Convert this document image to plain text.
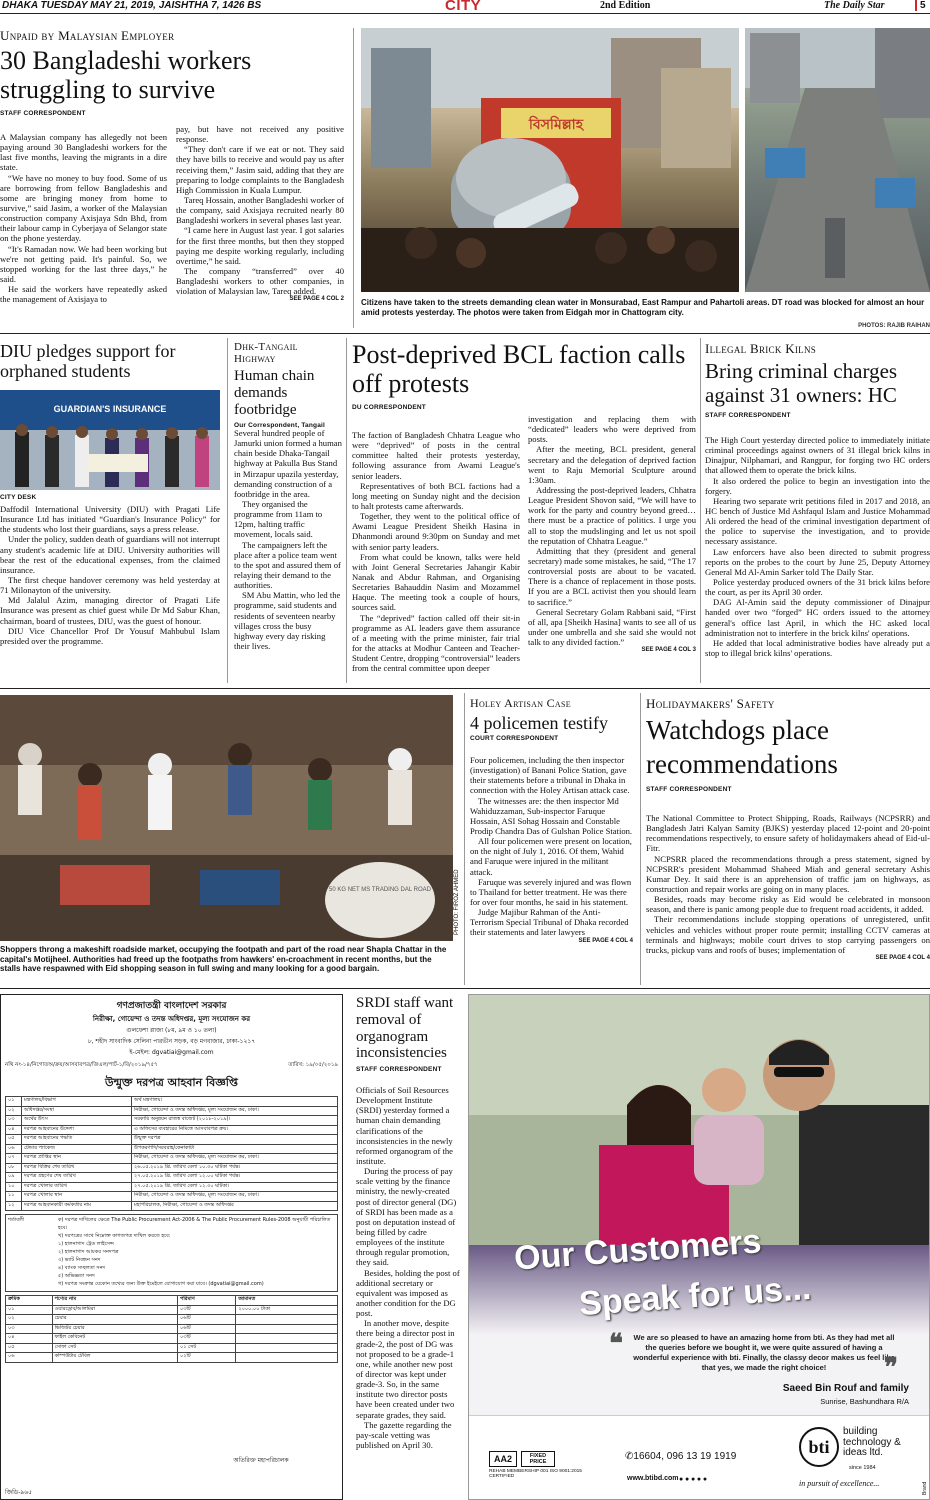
DHAKA TUESDAY MAY 21, 2019, JAISHTHA 7, 1426 BS	CITY	2nd Edition	The Daily Star	5
Unpaid by Malaysian Employer
30 Bangladeshi workers struggling to survive
STAFF CORRESPONDENT

A Malaysian company has allegedly not been paying around 30 Bangladeshi workers for the last five months, leaving the migrants in a dire state.

“We have no money to buy food. Some of us are borrowing from fellow Bangladeshis and some are bringing money from home to survive,” said Jasim, a worker of the Malaysian construction company Axisjaya Sdn Bhd, from their labour camp in Cyberjaya of Selangor state on the phone yesterday.

“It's Ramadan now. We had been working but we're not getting paid. It's painful. So, we stopped working for the last three days,” he said.

He said the workers have repeatedly asked the management of Axisjaya to

pay, but have not received any positive response.

“They don't care if we eat or not. They said they have bills to receive and would pay us after receiving them,” Jasim said, adding that they are preparing to lodge complaints to the Bangladesh High Commission in Kuala Lumpur.

Tareq Hossain, another Bangladeshi worker of the company, said Axisjaya recruited nearly 80 Bangladeshi workers in several phases last year.

“I came here in August last year. I got salaries for the first three months, but then they stopped paying me despite working regularly, including overtime,” he said.

The company “transferred” over 40 Bangladeshi workers to other companies, in violation of Malaysian law, Tareq added.

SEE PAGE 4 COL 2
বিসমিল্লাহ
Citizens have taken to the streets demanding clean water in Monsurabad, East Rampur and Pahartoli areas. DT road was blocked for almost an hour amid protests yesterday. The photos were taken from Eidgah mor in Chattogram city.
PHOTOS: RAJIB RAIHAN
DIU pledges support for orphaned students
GUARDIAN'S INSURANCE
CITY DESK

Daffodil International University (DIU) with Pragati Life Insurance Ltd has initiated “Guardian's Insurance Policy” for the students who lost their guardians, says a press release.

Under the policy, sudden death of guardians will not interrupt any student's academic life at DIU. University authorities will bear the rest of the educational expenses, from the claimed insurance.

The first cheque handover ceremony was held yesterday at 71 Milonayton of the university.

Md Jalalul Azim, managing director of Pragati Life Insurance was present as chief guest while Dr Md Sabur Khan, chairman, board of trustees, DIU, was the guest of honour.

DIU Vice Chancellor Prof Dr Yousuf Mahbubul Islam presided over the programme.

Dhk-Tangail Highway
Human chain demands footbridge
Our Correspondent, Tangail

Several hundred people of Jamurki union formed a human chain beside Dhaka-Tangail highway at Pakulla Bus Stand in Mirzapur upazila yesterday, demanding construction of a footbridge in the area.

They organised the programme from 11am to 12pm, halting traffic movement, locals said.

The campaigners left the place after a police team went to the spot and assured them of relaying their demand to the authorities.

SM Abu Mattin, who led the programme, said students and residents of seventeen nearby villages cross the busy highway every day risking their lives.

Post-deprived BCL faction calls off protests
DU CORRESPONDENT

The faction of Bangladesh Chhatra League who were “deprived” of posts in the central committee halted their protests yesterday, following assurance from Awami League's senior leaders.

Representatives of both BCL factions had a long meeting on Sunday night and the decision to halt protests came afterwards.

Together, they went to the political office of Awami League President Sheikh Hasina in Dhanmondi around 9:30pm on Sunday and met with senior party leaders.

From what could be known, talks were held with Joint General Secretaries Jahangir Kabir Nanak and Abdur Rahman, and Organising Secretaries Bahauddin Nasim and Mozammel Haque. The meeting took a couple of hours, sources said.

The “deprived” faction called off their sit-in programme as AL leaders gave them assurance of a meeting with the prime minister, fair trial for the attacks at Modhur Canteen and Teacher-Student Centre, dropping “controversial” leaders from the central committee upon deeper

investigation and replacing them with “dedicated” leaders who were deprived from posts.

After the meeting, BCL president, general secretary and the delegation of deprived faction went to Raju Memorial Sculpture around 1:30am.

Addressing the post-deprived leaders, Chhatra League President Shovon said, “We will have to work for the party and country beyond greed… there must be a practice of politics. I urge you all to stop the mudslinging and let us not spoil the reputation of Chhatra League.”

Admitting that they (president and general secretary) made some mistakes, he said, “The 17 controversial posts are about to be vacated. There is a chance of replacement in those posts. If you are a BCL activist then you should learn to sacrifice.”

General Secretary Golam Rabbani said, “First of all, apa [Sheikh Hasina] wants to see all of us under one umbrella and she said she would not talk to any divided faction.”

SEE PAGE 4 COL 3
Illegal Brick Kilns
Bring criminal charges against 31 owners: HC
STAFF CORRESPONDENT

The High Court yesterday directed police to immediately initiate criminal proceedings against owners of 31 illegal brick kilns in Dinajpur, Nilphamari, and Rangpur, for forging two HC orders that allowed them to operate the brick kilns.

It also ordered the police to begin an investigation into the forgery.

Hearing two separate writ petitions filed in 2017 and 2018, an HC bench of Justice Md Ashfaqul Islam and Justice Mohammad Ali ordered the head of the criminal investigation department of the police to supervise the investigation, and to provide necessary assistance.

Law enforcers have also been directed to submit progress reports on the probes to the court by June 25, Deputy Attorney General Md Al-Amin Sarker told The Daily Star.

Police yesterday produced owners of the 31 brick kilns before the court, as per its April 30 order.

DAG Al-Amin said the deputy commissioner of Dinajpur handed over two “forged” HC orders issued to the attorney general's office last April, in which the HC asked local administration not to interfere in the brick kilns' operations.

He added that local administrative bodies have already put a stop to illegal brick kilns' operations.

50 KG NET MS TRADING DAL ROAD	PHOTO: FIROZ AHMED
Shoppers throng a makeshift roadside market, occupying the footpath and part of the road near Shapla Chattar in the capital's Motijheel. Authorities had freed up the footpaths from hawkers' en-croachment in recent months, but the stalls have respawned with Eid shopping season in full swing and many looking for a good bargain.
Holey Artisan Case
4 policemen testify
COURT CORRESPONDENT

Four policemen, including the then inspector (investigation) of Banani Police Station, gave their statements before a tribunal in Dhaka in connection with the Holey Artisan attack case.

The witnesses are: the then inspector Md Wahiduzzaman, Sub-inspector Faruque Hossain, ASI Sohag Hossain and Constable Prodip Chandra Das of Gulshan Police Station.

All four policemen were present on location, on the night of July 1, 2016. Of them, Wahid and Faruque were injured in the militant attack.

Faruque was severely injured and was flown to Thailand for better treatment. He was there for over four months, he said in his statement.

Judge Majibur Rahman of the Anti-Terrorism Special Tribunal of Dhaka recorded their statements and later lawyers

SEE PAGE 4 COL 4
Holidaymakers' Safety
Watchdogs place recommendations
STAFF CORRESPONDENT

The National Committee to Protect Shipping, Roads, Railways (NCPSRR) and Bangladesh Jatri Kalyan Samity (BJKS) yesterday placed 12-point and 20-point recommendations respectively, to ensure safety of holidaymakers ahead of Eid-ul-Fitr.

NCPSRR placed the recommendations through a press statement, signed by NCPSRR's president Mohammad Shaheed Miah and general secretary Ashis Kumar Dey. It said there is an apprehension of traffic jam on highways, as construction and repair works are going on in many places.

Besides, roads may become risky as Eid would be celebrated in monsoon season, and there is panic among people due to frequent road accidents, it added.

Their recommendations include stopping operations of unregistered, unfit vehicles and vehicles without proper route permit; installing CCTV cameras at terminals and highways; mobile court drives to stop carrying passengers on trucks, pickup vans and roofs of buses; implementation of

SEE PAGE 4 COL 4
গণপ্রজাতন্ত্রী বাংলাদেশ সরকার
নিরীক্ষা, গোয়েন্দা ও তদন্ত অধিদপ্তর, মূল্য সংযোজন কর
গুলফেশা প্লাজা (৮ম, ৯ম ও ১০ তলা)
৮, শহীদ সাংবাদিক সেলিনা পারভীন সড়ক, বড় মগবাজার, ঢাকা-১২১৭
ই-মেইল: dgvatiai@gmail.com
নথি নং-১৪/নিগোতঅ/ক্রয়/আসবাবপত্র/জিএল/পার্ট-১/বি/২০১৯/৭৫৭	তারিখ: ১৯/০৫/২০১৯
উন্মুক্ত দরপত্র আহবান বিজ্ঞপ্তি
০১	মন্ত্রণালয়/বিভাগ	অর্থ মন্ত্রণালয়।
০২	অধিদপ্তর/সংস্থা	নিরীক্ষা, গোয়েন্দা ও তদন্ত অধিদপ্তর, মূল্য সংযোজন কর, ঢাকা।
০৩	অর্থের উৎস	সরকারি অনুন্নয়ন রাজস্ব বাজেট (২০১৮-২০১৯)।
০৪	দরপত্র আহবানের উদ্দেশ্য	এ অফিসের ব্যবহারের নিমিত্তে আসবাবপত্র ক্রয়।
০৫	দরপত্র আহবানের পদ্ধতি	উন্মুক্ত দরপত্র
০৬	টেন্ডার প্যাকেজ	উপকরণাদি/সরবরাহ/কেনাকাটা
০৭	দরপত্র প্রাপ্তির স্থান	নিরীক্ষা, গোয়েন্দা ও তদন্ত অধিদপ্তর, মূল্য সংযোজন কর, ঢাকা।
০৮	দরপত্র বিক্রির শেষ তারিখ	২৬.০৫.২০১৯ খ্রি. তারিখ বেলা ১০.৩০ ঘটিকা পর্যন্ত।
০৯	দরপত্র গ্রহণের শেষ তারিখ	২৭.০৫.২০১৯ খ্রি. তারিখ বেলা ১২.০০ ঘটিকা পর্যন্ত।
১০	দরপত্র খোলার তারিখ	২৭.০৫.২০১৯ খ্রি. তারিখ বেলা ১২.৩০ ঘটিকা।
১১	দরপত্র খোলার স্থান	নিরীক্ষা, গোয়েন্দা ও তদন্ত অধিদপ্তর, মূল্য সংযোজন কর, ঢাকা।
১২	দরপত্র আহবানকারী কর্মকর্তার নাম	মহাপরিচালক, নিরীক্ষা, গোয়েন্দা ও তদন্ত অধিদপ্তর
শর্তাবলী	ক) দরপত্র দাখিলের ক্ষেত্রে The Public Procurement Act-2006 & The Public Procurement Rules-2008 অনুযায়ী পরিচালিত হবে।
খ) দরপত্রের সাথে নিম্নোক্ত কাগজপত্র দাখিল করতে হবে:
১) হালনাগাদ ট্রেড লাইসেন্স
২) হালনাগাদ আয়কর সনদপত্র
৩) ভ্যাট নিবন্ধন সনদ
৪) ব্যাংক সচ্ছলতা সনদ
৫) অভিজ্ঞতা সনদ
গ) দরপত্র সংক্রান্ত যেকোন তথ্যের জন্য উক্ত ইমেইলে যোগাযোগ করা যাবে। (dgvatiai@gmail.com)
ক্রমিক	পণ্যের নাম	পরিমাণ	জামানত
০১	ওয়ারড্রোব/আলমিরা	০৩টি	২০০০.০০ টাকা
০২	চেয়ার	০৬টি	
০৩	ভিজিটর চেয়ার	০৬টি	
০৪	ফাইল কেবিনেট	০৩টি	
০৫	সোফা সেট	০১ সেট	
০৬	কম্পিউটার টেবিল	০২টি	
অতিরিক্ত মহাপরিচালক
জিডি-৯৬৫
SRDI staff want removal of organogram inconsistencies
STAFF CORRESPONDENT

Officials of Soil Resources Development Institute (SRDI) yesterday formed a human chain demanding clarifications of the inconsistencies in the newly reformed organogram of the institute.

During the process of pay scale vetting by the finance ministry, the newly-created post of director general (DG) of SRDI has been made as a post on deputation instead of being filled by cadre employees of the institute through regular promotion, they said.

Besides, holding the post of additional secretary or equivalent was imposed as another condition for the DG post.

In another move, despite there being a director post in grade-2, the post of DG was not proposed to be a grade-1 one, while another new post of director was kept under grade-3. So, in the same institute two director posts have been created under two separate grades, they said.

The gazette regarding the pay-scale vetting was published on April 30.

Our Customers
Speak for us...
❝	We are so pleased to have an amazing home from bti. As they had met all the queries before we bought it, we were quite assured of having a wonderful experience with bti. Finally, the classy decor makes us feel like that yes, we made the right choice!	❞
Saeed Bin Rouf and family
Sunrise, Bashundhara R/A
AA2	FIXED PRICE
REHAB MEMBERSHIP 001 ISO 9001:2015 CERTIFIED
✆16604, 096 13 19 1919
www.btibd.com ● ● ● ● ●
bti
building technology & ideas ltd.
since 1984
in pursuit of excellence...	Brand
